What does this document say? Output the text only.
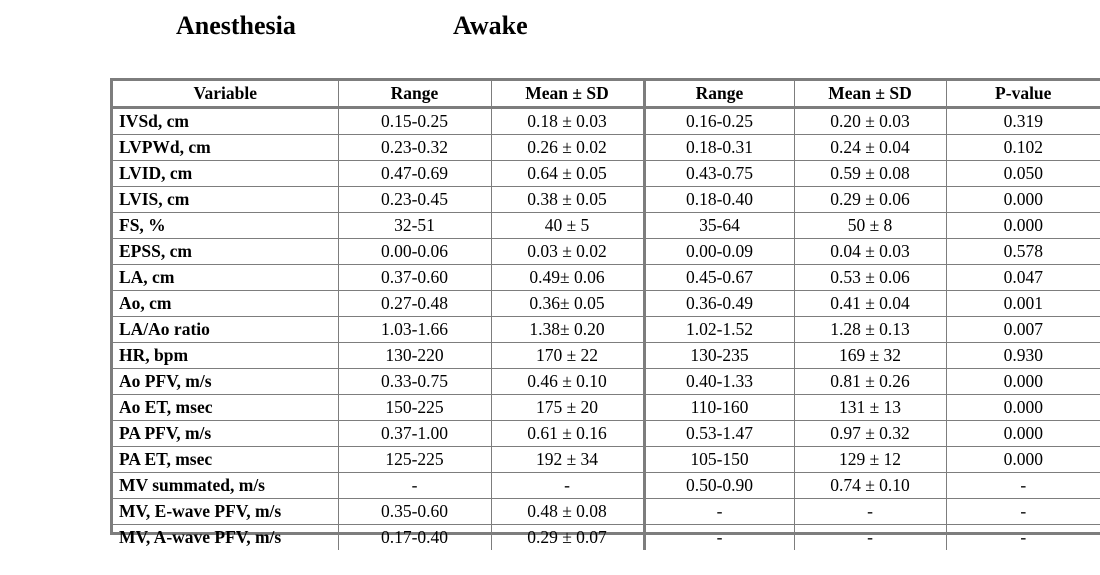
Anesthesia	Awake
Variable	Range	Mean ± SD	Range	Mean ± SD	P-value
IVSd, cm	0.15-0.25	0.18 ± 0.03	0.16-0.25	0.20 ± 0.03	0.319
LVPWd, cm	0.23-0.32	0.26 ± 0.02	0.18-0.31	0.24 ± 0.04	0.102
LVID, cm	0.47-0.69	0.64 ± 0.05	0.43-0.75	0.59 ± 0.08	0.050
LVIS, cm	0.23-0.45	0.38 ± 0.05	0.18-0.40	0.29 ± 0.06	0.000
FS, %	32-51	40 ± 5	35-64	50 ± 8	0.000
EPSS, cm	0.00-0.06	0.03 ± 0.02	0.00-0.09	0.04 ± 0.03	0.578
LA, cm	0.37-0.60	0.49± 0.06	0.45-0.67	0.53 ± 0.06	0.047
Ao, cm	0.27-0.48	0.36± 0.05	0.36-0.49	0.41 ± 0.04	0.001
LA/Ao ratio	1.03-1.66	1.38± 0.20	1.02-1.52	1.28 ± 0.13	0.007
HR, bpm	130-220	170 ± 22	130-235	169 ± 32	0.930
Ao PFV, m/s	0.33-0.75	0.46 ± 0.10	0.40-1.33	0.81 ± 0.26	0.000
Ao ET, msec	150-225	175 ± 20	110-160	131 ± 13	0.000
PA PFV, m/s	0.37-1.00	0.61 ± 0.16	0.53-1.47	0.97 ± 0.32	0.000
PA ET, msec	125-225	192 ± 34	105-150	129 ± 12	0.000
MV summated, m/s	-	-	0.50-0.90	0.74 ± 0.10	-
MV, E-wave PFV, m/s	0.35-0.60	0.48 ± 0.08	-	-	-
MV, A-wave PFV, m/s	0.17-0.40	0.29 ± 0.07	-	-	-
